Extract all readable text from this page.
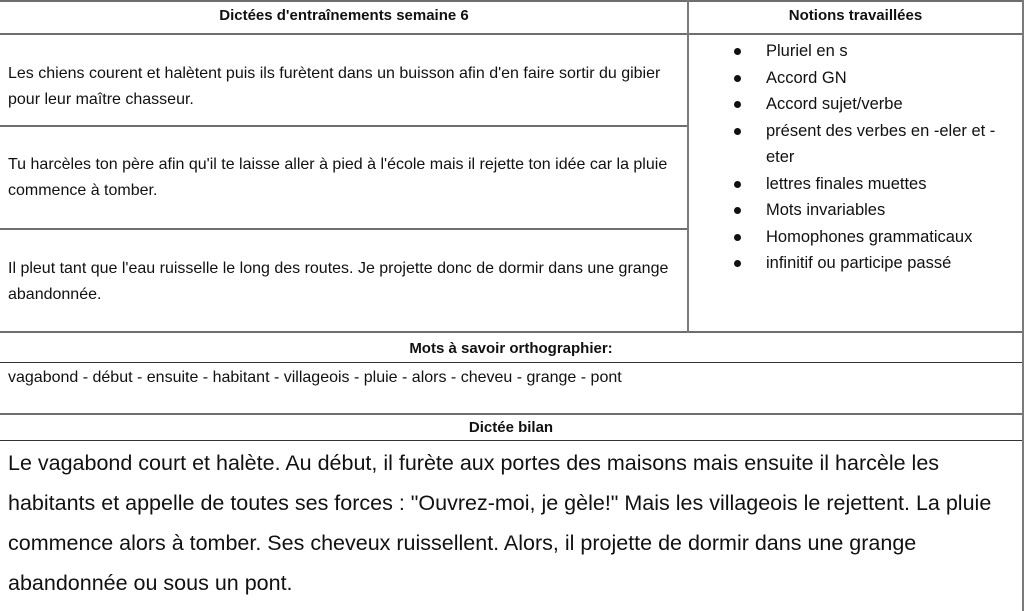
Dictées d'entraînements semaine 6	Notions travaillées
Les chiens courent et halètent puis ils furètent dans un buisson afin d'en faire sortir du gibier pour leur maître chasseur.
Tu harcèles ton père afin qu'il te laisse aller à pied à l'école mais il rejette ton idée car la pluie commence à tomber.
Il pleut tant que l'eau ruisselle le long des routes. Je projette donc de dormir dans une grange abandonnée.
Pluriel en s
Accord GN
Accord sujet/verbe
présent des verbes en -eler et -eter
lettres finales muettes
Mots invariables
Homophones grammaticaux
infinitif ou participe passé
Mots à savoir orthographier:
vagabond - début - ensuite - habitant - villageois - pluie - alors - cheveu - grange - pont
Dictée bilan
Le vagabond court et halète. Au début, il furète aux portes des maisons mais ensuite il harcèle les habitants et appelle de toutes ses forces : "Ouvrez-moi, je gèle!" Mais les villageois le rejettent. La pluie commence alors à tomber. Ses cheveux ruissellent. Alors, il projette de dormir dans une grange abandonnée ou sous un pont.
